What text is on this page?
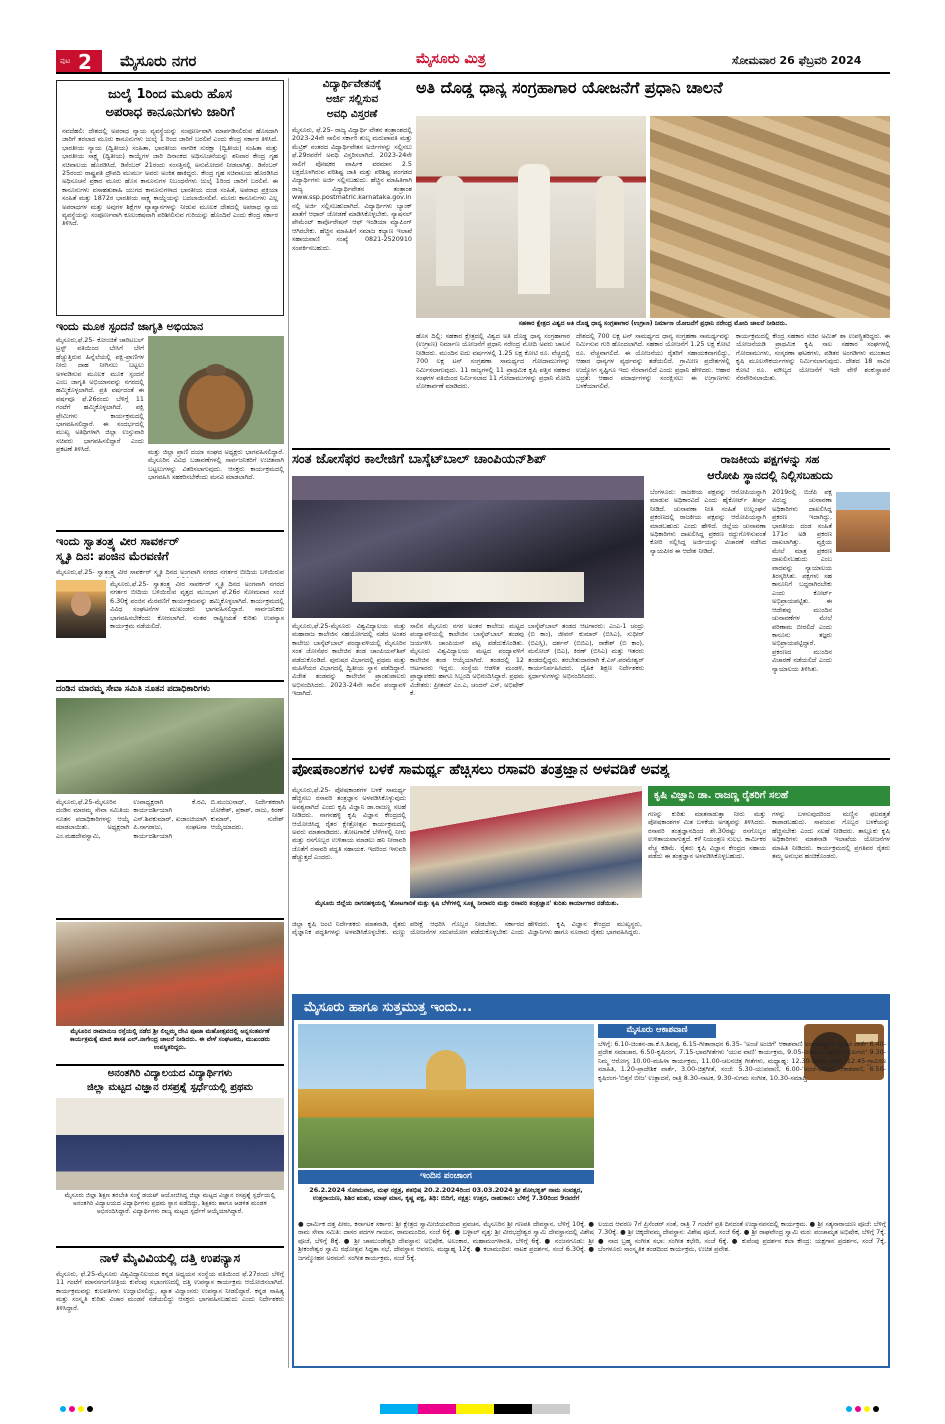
ಪುಟ 2 ಮೈಸೂರು ನಗರ	ಮೈಸೂರು ಮಿತ್ರ	ಸೋಮವಾರ 26 ಫೆಬ್ರವರಿ 2024
ಜುಲೈ 1ರಿಂದ ಮೂರು ಹೊಸ
ಅಪರಾಧ ಕಾನೂನುಗಳು ಜಾರಿಗೆ
ನವದೆಹಲಿ: ದೇಶದಲ್ಲಿ ಅಪರಾಧ ನ್ಯಾಯ ವ್ಯವಸ್ಥೆಯನ್ನು ಸಂಪೂರ್ಣವಾಗಿ ಮಾರ್ಪಡಿಸಲಿರುವ ಹೊಸದಾಗಿ ಜಾರಿಗೆ ತರಲಾದ ಮೂರು ಕಾನೂನುಗಳು ಜುಲೈ 1 ರಿಂದ ಜಾರಿಗೆ ಬರಲಿವೆ ಎಂದು ಕೇಂದ್ರ ಸರ್ಕಾರ ತಿಳಿಸಿದೆ. ಭಾರತೀಯ ನ್ಯಾಯ (ದ್ವಿತೀಯ) ಸಂಹಿತಾ, ಭಾರತೀಯ ನಾಗರಿಕ ಸುರಕ್ಷಾ (ದ್ವಿತೀಯ) ಸಂಹಿತಾ ಮತ್ತು ಭಾರತೀಯ ಸಾಕ್ಷ್ಯ (ದ್ವಿತೀಯ) ಕಾಯ್ದೆಗಳ ಜಾರಿ ದಿನಾಂಕದ ಅಧಿಸೂಚನೆಯನ್ನು ಶನಿವಾರ ಕೇಂದ್ರ ಗೃಹ ಸಚಿವಾಲಯ ಹೊರಡಿಸಿದೆ. ಡಿಸೆಂಬರ್ 21ರಂದು ಸಂಸತ್ತಿನಲ್ಲಿ ಅನುಮೋದನೆ ನೀಡಲಾಗಿತ್ತು. ಡಿಸೆಂಬರ್ 25ರಂದು ರಾಷ್ಟ್ರಪತಿ ದ್ರೌಪದಿ ಮುರ್ಮು ಅವರು ಅಂಕಿತ ಹಾಕಿದ್ದರು. ಕೇಂದ್ರ ಗೃಹ ಸಚಿವಾಲಯ ಹೊರಡಿಸಿದ ಅಧಿಸೂಚನೆ ಪ್ರಕಾರ ಮೂರು ಹೊಸ ಕಾನೂನುಗಳ ನಿಬಂಧನೆಗಳು ಜುಲೈ 1ರಿಂದ ಜಾರಿಗೆ ಬರಲಿವೆ. ಈ ಕಾನೂನುಗಳು ವಸಾಹತುಶಾಹಿ ಯುಗದ ಕಾನೂನುಗಳಾದ ಭಾರತೀಯ ದಂಡ ಸಂಹಿತೆ, ಅಪರಾಧ ಪ್ರಕ್ರಿಯಾ ಸಂಹಿತೆ ಮತ್ತು 1872ರ ಭಾರತೀಯ ಸಾಕ್ಷ್ಯ ಕಾಯ್ದೆಯನ್ನು ಬದಲಾಯಿಸಲಿವೆ. ಮೂರು ಕಾನೂನುಗಳು ಎಲ್ಲ ಅಪರಾಧಗಳ ಮತ್ತು ಅವುಗಳ ಶಿಕ್ಷೆಗಳ ವ್ಯಾಖ್ಯಾನಗಳನ್ನು ನೀಡುವ ಮೂಲಕ ದೇಶದಲ್ಲಿ ಅಪರಾಧ ನ್ಯಾಯ ವ್ಯವಸ್ಥೆಯನ್ನು ಸಂಪೂರ್ಣವಾಗಿ ಕೂಲಂಕಷವಾಗಿ ಪರಿಶೀಲಿಸುವ ಗುರಿಯನ್ನು ಹೊಂದಿವೆ ಎಂದು ಕೇಂದ್ರ ಸರ್ಕಾರ ತಿಳಿಸಿದೆ.
ಇಂದು ಮೂಕ ಸ್ಪಂದನೆ ಜಾಗೃತಿ ಅಭಿಯಾನ
ಮೈಸೂರು,ಫೆ.25- ಕೋಂಚಿತೆ ಚಾರಿಟಬಲ್ ಟ್ರಸ್ಟ್ ವತಿಯಿಂದ ಬೇಸಿಗೆ ಬೇಗೆ ಹೆಚ್ಚುತ್ತಿರುವ ಹಿನ್ನೆಲೆಯಲ್ಲಿ ಪಕ್ಷಿ-ಪ್ರಾಣಿಗಳ ನೀರು ದಾಹ ನೀಗಿಸಲು ಬಟ್ಟಲು ಅಳವಡಿಸುವ ಮೂಲಕ ಮೂಕ ಸ್ಪಂದನೆ ಎಂಬ ಜಾಗೃತಿ ಅಭಿಯಾನವನ್ನು ನಗರದಲ್ಲಿ ಹಮ್ಮಿಕೊಳ್ಳಲಾಗಿದೆ. ಪ್ರತಿ ವರ್ಷದಂತೆ ಈ ವರ್ಷವೂ ಫೆ.26ರಂದು ಬೆಳಿಗ್ಗೆ 11 ಗಂಟೆಗೆ ಹಮ್ಮಿಕೊಳ್ಳಲಾಗಿದೆ. ಪಕ್ಷಿ ಪ್ರೇಮಿಗಳು ಕಾರ್ಯಕ್ರಮದಲ್ಲಿ ಭಾಗವಹಿಸಲಿದ್ದಾರೆ. ಈ ಸಂದರ್ಭದಲ್ಲಿ ಮುಖ್ಯ ಅತಿಥಿಗಳಾಗಿ ಜಿಲ್ಲಾ ಉಸ್ತುವಾರಿ ಸಚಿವರು ಭಾಗವಹಿಸಲಿದ್ದಾರೆ ಎಂದು ಪ್ರಕಟಣೆ ತಿಳಿಸಿದೆ.	ಮತ್ತು ಜಿಲ್ಲಾ ಪ್ರಾಣಿ ದಯಾ ಸಂಘದ ಅಧ್ಯಕ್ಷರು ಭಾಗವಹಿಸಲಿದ್ದಾರೆ. ಮೈಸೂರಿನ ವಿವಿಧ ಬಡಾವಣೆಗಳಲ್ಲಿ ಸಾರ್ವಜನಿಕರಿಗೆ ಉಚಿತವಾಗಿ ಬಟ್ಟಲುಗಳನ್ನು ವಿತರಿಸಲಾಗುವುದು. ಆಸಕ್ತರು ಕಾರ್ಯಕ್ರಮದಲ್ಲಿ ಭಾಗವಹಿಸಿ ಸಹಕರಿಸಬೇಕೆಂದು ಮನವಿ ಮಾಡಲಾಗಿದೆ.
ಇಂದು ಸ್ವಾತಂತ್ರ್ಯ ವೀರ ಸಾವರ್ಕರ್
ಸ್ಮೃತಿ ದಿನ: ಪಂಜಿನ ಮೆರವಣಿಗೆ
ಮೈಸೂರು,ಫೆ.25- ಸ್ವಾತಂತ್ರ್ಯ ವೀರ ಸಾವರ್ಕರ್ ಸ್ಮೃತಿ ದಿನದ ಅಂಗವಾಗಿ ನಗರದ ನಗರ್ತರ ಬೀದಿಯ ಬಳಿಯಿರುವ
ಮೈಸೂರು,ಫೆ.25- ಸ್ವಾತಂತ್ರ್ಯ ವೀರ ಸಾವರ್ಕರ್ ಸ್ಮೃತಿ ದಿನದ ಅಂಗವಾಗಿ ನಗರದ ನಗರ್ತರ ಬೀದಿಯ ಬಳಿಯಿರುವ ವೃತ್ತದ ಮುಂಭಾಗ ಫೆ.26ರ ಸೋಮವಾರ ಸಂಜೆ 6.30ಕ್ಕೆ ಪಂಜಿನ ಮೆರವಣಿಗೆ ಕಾರ್ಯಕ್ರಮವನ್ನು ಹಮ್ಮಿಕೊಳ್ಳಲಾಗಿದೆ. ಕಾರ್ಯಕ್ರಮದಲ್ಲಿ ವಿವಿಧ ಸಂಘಟನೆಗಳ ಮುಖಂಡರು ಭಾಗವಹಿಸಲಿದ್ದಾರೆ. ಸಾರ್ವಜನಿಕರು ಭಾಗವಹಿಸಬೇಕೆಂದು ಕೋರಲಾಗಿದೆ. ನಂತರ ರಾಷ್ಟ್ರೀಯತೆ ಕುರಿತು ಉಪನ್ಯಾಸ ಕಾರ್ಯಕ್ರಮ ನಡೆಯಲಿದೆ.
ದಂಡಿನ ಮಾರಮ್ಮ ಸೇವಾ ಸಮಿತಿ ನೂತನ ಪದಾಧಿಕಾರಿಗಳು
ಮೈಸೂರು,ಫೆ.25-ಮೈಸೂರಿನ ದಂಡಿನ ಮಾರಮ್ಮ ಸೇವಾ ಸಮಿತಿಯ ನೂತನ ಪದಾಧಿಕಾರಿಗಳನ್ನು ಆಯ್ಕೆ ಮಾಡಲಾಯಿತು. ಅಧ್ಯಕ್ಷರಾಗಿ ಎಂ.ಮಹದೇವಸ್ವಾಮಿ, ಉಪಾಧ್ಯಕ್ಷರಾಗಿ ಕೆ.ರವಿ, ಕಾರ್ಯದರ್ಶಿಯಾಗಿ ಎಸ್.ಶಿವಕುಮಾರ್, ಖಜಾಂಚಿಯಾಗಿ ಪಿ.ನಾಗರಾಜು, ಸಂಘಟನಾ ಕಾರ್ಯದರ್ಶಿಯಾಗಿ ಬಿ.ಮಂಜುನಾಥ್, ನಿರ್ದೇಶಕರಾಗಿ ಲೋಕೇಶ್, ಪ್ರಕಾಶ್, ರಾಜು, ಕಿರಣ್ ಕುಮಾರ್, ಸುರೇಶ್ ಆಯ್ಕೆಯಾದರು.
ಮೈಸೂರಿನ ರಾಮಾನುಜ ರಸ್ತೆಯಲ್ಲಿ ನಡೆದ ಶ್ರೀ ಲಿಲ್ಲಮ್ಮ ದೇವಿ ಪೂಜಾ ಮಹೋತ್ಸವದಲ್ಲಿ ಅನ್ನಸಂತರ್ಪಣೆ ಕಾರ್ಯಕ್ರಮಕ್ಕೆ ಮಾಜಿ ಶಾಸಕ ಎಲ್.ನಾಗೇಂದ್ರ ಚಾಲನೆ ನೀಡಿದರು. ಈ ವೇಳೆ ಸಂಘಟಕರು, ಮುಖಂಡರು ಉಪಸ್ಥಿತರಿದ್ದರು.
ಅನಂತಗಿರಿ ವಿದ್ಯಾಲಯದ ವಿದ್ಯಾರ್ಥಿಗಳು
ಜಿಲ್ಲಾ ಮಟ್ಟದ ವಿಜ್ಞಾನ ರಸಪ್ರಶ್ನೆ ಸ್ಪರ್ಧೆಯಲ್ಲಿ ಪ್ರಥಮ
ಮೈಸೂರು ಜಿಲ್ಲಾ ಶಿಕ್ಷಣ ತರಬೇತಿ ಸಂಸ್ಥೆ ಡಯಟ್ ಆಯೋಜಿಸಿದ್ದ ಜಿಲ್ಲಾ ಮಟ್ಟದ ವಿಜ್ಞಾನ ರಸಪ್ರಶ್ನೆ ಸ್ಪರ್ಧೆಯಲ್ಲಿ ಅನಂತಗಿರಿ ವಿದ್ಯಾಲಯದ ವಿದ್ಯಾರ್ಥಿಗಳು ಪ್ರಥಮ ಸ್ಥಾನ ಪಡೆದಿದ್ದು, ಶಿಕ್ಷಕರು ಹಾಗೂ ಆಡಳಿತ ಮಂಡಳಿ ಅಭಿನಂದಿಸಿದ್ದಾರೆ. ವಿದ್ಯಾರ್ಥಿಗಳು ರಾಜ್ಯ ಮಟ್ಟದ ಸ್ಪರ್ಧೆಗೆ ಆಯ್ಕೆಯಾಗಿದ್ದಾರೆ.
ನಾಳೆ ಮೈವಿವಿಯಲ್ಲಿ ದತ್ತಿ ಉಪನ್ಯಾಸ
ಮೈಸೂರು, ಫೆ.25-ಮೈಸೂರು ವಿಶ್ವವಿದ್ಯಾನಿಲಯದ ಕನ್ನಡ ಅಧ್ಯಯನ ಸಂಸ್ಥೆಯ ವತಿಯಿಂದ ಫೆ.27ರಂದು ಬೆಳಿಗ್ಗೆ 11 ಗಂಟೆಗೆ ಮಾನಸಗಂಗೋತ್ರಿಯ ಕುವೆಂಪು ಸಭಾಂಗಣದಲ್ಲಿ ದತ್ತಿ ಉಪನ್ಯಾಸ ಕಾರ್ಯಕ್ರಮ ಆಯೋಜಿಸಲಾಗಿದೆ. ಕಾರ್ಯಕ್ರಮವನ್ನು ಕುಲಪತಿಗಳು ಉದ್ಘಾಟಿಸಲಿದ್ದು, ಖ್ಯಾತ ವಿದ್ವಾಂಸರು ಉಪನ್ಯಾಸ ನೀಡಲಿದ್ದಾರೆ. ಕನ್ನಡ ಸಾಹಿತ್ಯ ಮತ್ತು ಸಂಸ್ಕೃತಿ ಕುರಿತು ವಿಚಾರ ಮಂಡನೆ ನಡೆಯಲಿದ್ದು ಆಸಕ್ತರು ಭಾಗವಹಿಸಬಹುದು ಎಂದು ನಿರ್ದೇಶಕರು ತಿಳಿಸಿದ್ದಾರೆ.
ವಿದ್ಯಾರ್ಥಿವೇತನಕ್ಕೆ
ಅರ್ಜಿ ಸಲ್ಲಿಸುವ
ಅವಧಿ ವಿಸ್ತರಣೆ
ಮೈಸೂರು, ಫೆ.25- ರಾಜ್ಯ ವಿದ್ಯಾರ್ಥಿ ವೇತನ ತಂತ್ರಾಂಶದಲ್ಲಿ 2023-24ನೇ ಸಾಲಿನ ಸರ್ಕಾರಿ ಶುಲ್ಕ ಮರುಪಾವತಿ ಮತ್ತು ಮೆಟ್ರಿಕ್ ನಂತರದ ವಿದ್ಯಾರ್ಥಿವೇತನ ಅರ್ಜಿಗಳನ್ನು ಸಲ್ಲಿಸಲು ಫೆ.29ರವರೆಗೆ ಅವಧಿ ವಿಸ್ತರಿಸಲಾಗಿದೆ. 2023-24ನೇ ಸಾಲಿಗೆ ಪೋಷಕರ ವಾರ್ಷಿಕ ವರಮಾನ 2.5 ಲಕ್ಷದೊಳಗಿರುವ ಪರಿಶಿಷ್ಟ ಜಾತಿ ಮತ್ತು ಪರಿಶಿಷ್ಟ ಪಂಗಡದ ವಿದ್ಯಾರ್ಥಿಗಳು ಅರ್ಜಿ ಸಲ್ಲಿಸಬಹುದು. ಹೆಚ್ಚಿನ ಮಾಹಿತಿಗಾಗಿ ರಾಜ್ಯ ವಿದ್ಯಾರ್ಥಿವೇತನ ತಂತ್ರಾಂಶ www.ssp.postmatric.karnataka.gov.in ನಲ್ಲಿ ಅರ್ಜಿ ಸಲ್ಲಿಸಬಹುದಾಗಿದೆ. ವಿದ್ಯಾರ್ಥಿಗಳು ಬ್ಯಾಂಕ್ ಖಾತೆಗೆ ಆಧಾರ್ ಜೋಡಣೆ ಮಾಡಿಸಿಕೊಳ್ಳಬೇಕು. ನ್ಯಾಷನಲ್ ಪೇಮೆಂಟ್ ಕಾರ್ಪೊರೇಷನ್ ಆಫ್ ಇಂಡಿಯಾ ಮ್ಯಾಪಿಂಗ್ ಆಗಿರಬೇಕು. ಹೆಚ್ಚಿನ ಮಾಹಿತಿಗೆ ಸಮಾಜ ಕಲ್ಯಾಣ ಇಲಾಖೆ ಸಹಾಯವಾಣಿ ಸಂಖ್ಯೆ 0821-2520910 ಸಂಪರ್ಕಿಸಬಹುದು.
ಅತಿ ದೊಡ್ಡ ಧಾನ್ಯ ಸಂಗ್ರಹಾಗಾರ ಯೋಜನೆಗೆ ಪ್ರಧಾನಿ ಚಾಲನೆ
ಸಹಕಾರ ಕ್ಷೇತ್ರದ ವಿಶ್ವದ ಅತಿ ದೊಡ್ಡ ಧಾನ್ಯ ಸಂಗ್ರಹಾಗಾರ (ಉಗ್ರಾಣ) ನಿರ್ಮಾಣ ಯೋಜನೆಗೆ ಪ್ರಧಾನಿ ನರೇಂದ್ರ ಮೋದಿ ಚಾಲನೆ ನೀಡಿದರು.
ಹೊಸ ದಿಲ್ಲಿ: ಸಹಕಾರ ಕ್ಷೇತ್ರದಲ್ಲಿ ವಿಶ್ವದ ಅತಿ ದೊಡ್ಡ ಧಾನ್ಯ ಸಂಗ್ರಹಾಗಾರ (ಉಗ್ರಾಣ) ನಿರ್ಮಾಣ ಯೋಜನೆಗೆ ಪ್ರಧಾನಿ ನರೇಂದ್ರ ಮೋದಿ ಅವರು ಚಾಲನೆ ನೀಡಿದರು. ಮುಂದಿನ ಐದು ವರ್ಷಗಳಲ್ಲಿ 1.25 ಲಕ್ಷ ಕೋಟಿ ರೂ. ವೆಚ್ಚದಲ್ಲಿ 700 ಲಕ್ಷ ಟನ್ ಸಂಗ್ರಹಣಾ ಸಾಮರ್ಥ್ಯದ ಗೋದಾಮುಗಳನ್ನು ನಿರ್ಮಿಸಲಾಗುವುದು. 11 ರಾಜ್ಯಗಳಲ್ಲಿ 11 ಪ್ರಾಥಮಿಕ ಕೃಷಿ ಪತ್ತಿನ ಸಹಕಾರ ಸಂಘಗಳ ವತಿಯಿಂದ ನಿರ್ಮಿಸಲಾದ 11 ಗೋದಾಮುಗಳನ್ನು ಪ್ರಧಾನಿ ಮೋದಿ ಲೋಕಾರ್ಪಣೆ ಮಾಡಿದರು.
ದೇಶದಲ್ಲಿ 700 ಲಕ್ಷ ಟನ್ ಸಾಮರ್ಥ್ಯದ ಧಾನ್ಯ ಸಂಗ್ರಹಣಾ ಸಾಮರ್ಥ್ಯವನ್ನು ನಿರ್ಮಿಸುವ ಗುರಿ ಹೊಂದಲಾಗಿದೆ. ಸಹಕಾರ ಯೋಜನೆಗೆ 1.25 ಲಕ್ಷ ಕೋಟಿ ರೂ. ವೆಚ್ಚವಾಗಲಿದೆ. ಈ ಯೋಜನೆಯು ರೈತರಿಗೆ ಸಹಾಯಕವಾಗಲಿದ್ದು, ಆಹಾರ ಧಾನ್ಯಗಳ ವ್ಯರ್ಥವನ್ನು ತಡೆಯಲಿದೆ. ಗ್ರಾಮೀಣ ಪ್ರದೇಶಗಳಲ್ಲಿ ಉದ್ಯೋಗ ಸೃಷ್ಟಿಗೂ ಇದು ನೆರವಾಗಲಿದೆ ಎಂದು ಪ್ರಧಾನಿ ಹೇಳಿದರು. ಆಹಾರ ಭದ್ರತೆ: ಆಹಾರ ಪದಾರ್ಥಗಳನ್ನು ಸಂರಕ್ಷಿಸಲು ಈ ಉಗ್ರಾಣಗಳು ಬಳಕೆಯಾಗಲಿವೆ.
ಕಾರ್ಯಕ್ರಮದಲ್ಲಿ ಕೇಂದ್ರ ಸಹಕಾರ ಸಚಿವ ಅಮಿತ್ ಶಾ ಉಪಸ್ಥಿತರಿದ್ದರು. ಈ ಯೋಜನೆಯಡಿ ಪ್ರಾಥಮಿಕ ಕೃಷಿ ಸಾಲ ಸಹಕಾರ ಸಂಘಗಳಲ್ಲಿ ಗೋದಾಮುಗಳು, ಸಂಸ್ಕರಣಾ ಘಟಕಗಳು, ಪಡಿತರ ಅಂಗಡಿಗಳು ಮುಂತಾದ ಕೃಷಿ ಮೂಲಸೌಕರ್ಯಗಳನ್ನು ನಿರ್ಮಿಸಲಾಗುವುದು. ದೇಶದ 18 ಸಾವಿರ ಕೋಟಿ ರೂ. ಮೌಲ್ಯದ ಯೋಜನೆಗೆ ಇದೇ ವೇಳೆ ಶಂಕುಸ್ಥಾಪನೆ ನೆರವೇರಿಸಲಾಯಿತು.
ಸಂತ ಜೋಸೆಫರ ಕಾಲೇಜಿಗೆ ಬಾಸ್ಕೆಟ್‌ಬಾಲ್ ಚಾಂಪಿಯನ್‌ಶಿಪ್
ಮೈಸೂರು,ಫೆ.25-ಮೈಸೂರು ವಿಶ್ವವಿದ್ಯಾಲಯ ಮತ್ತು ಮಹಾರಾಜ ಕಾಲೇಜಿನ ಸಹಯೋಗದಲ್ಲಿ ನಡೆದ ಅಂತರ ಕಾಲೇಜು ಬಾಸ್ಕೆಟ್‌ಬಾಲ್ ಪಂದ್ಯಾವಳಿಯಲ್ಲಿ ಮೈಸೂರಿನ ಸಂತ ಜೋಸೆಫರ ಕಾಲೇಜಿನ ತಂಡ ಚಾಂಪಿಯನ್‌ಶಿಪ್ ಪಡೆದುಕೊಂಡಿದೆ. ಪುರುಷರ ವಿಭಾಗದಲ್ಲಿ ಪ್ರಥಮ ಮತ್ತು ಮಹಿಳೆಯರ ವಿಭಾಗದಲ್ಲಿ ದ್ವಿತೀಯ ಸ್ಥಾನ ಪಡೆದಿದ್ದಾರೆ. ವಿಜೇತ ತಂಡವನ್ನು ಕಾಲೇಜಿನ ಪ್ರಾಂಶುಪಾಲರು ಅಭಿನಂದಿಸಿದರು. 2023-24ನೇ ಸಾಲಿನ ಪಂದ್ಯಾವಳಿ ಇದಾಗಿದೆ.
ಸಾಲಿನ ಮೈಸೂರು ನಗರ ಅಂತರ ಕಾಲೇಜು ಮಟ್ಟದ ಪಂದ್ಯಾವಳಿಯಲ್ಲಿ ಕಾಲೇಜಿನ ಬಾಸ್ಕೆಟ್‌ಬಾಲ್ ತಂಡವು ಜಯಗಳಿಸಿ ಚಾಂಪಿಯನ್ ಪಟ್ಟ ಪಡೆದುಕೊಂಡಿತು. ಮೈಸೂರು ವಿಶ್ವವಿದ್ಯಾಲಯ ಮಟ್ಟದ ಪಂದ್ಯಾವಳಿಗೆ ಕಾಲೇಜಿನ ತಂಡ ಆಯ್ಕೆಯಾಗಿದೆ. ತಂಡದಲ್ಲಿ 12 ಆಟಗಾರರು ಇದ್ದರು. ಸಂಸ್ಥೆಯ ಆಡಳಿತ ಮಂಡಳಿ, ಪ್ರಾಧ್ಯಾಪಕರು ಹಾಗೂ ಸಿಬ್ಬಂದಿ ಅಭಿನಂದಿಸಿದ್ದಾರೆ. ಪ್ರಥಮ ವಿಜೇತರು: ಪ್ರೀತಮ್ ಎಂ.ಎ, ಚಂದನ್ ಎಸ್, ಅಭಿಷೇಕ್ ಕೆ.
ಬಾಸ್ಕೆಟ್‌ಬಾಲ್ ತಂಡದ ಆಟಗಾರರು: ಎಂಎ-1 ಚಂದ್ರು (ಬಿ ಕಾಂ), ಜೀವನ್ ಕುಮಾರ್ (ಬಿಸಿಎ), ಸುಧೀರ್ (ಬಿಎಸ್ಸಿ), ದರ್ಶನ್ (ಬಿಬಿಎ), ರಾಕೇಶ್ (ಬಿ ಕಾಂ), ಮನೋಜ್ (ಬಿಎ), ಕಿರಣ್ (ಬಿಸಿಎ) ಮತ್ತು ಇತರರು ತಂಡದಲ್ಲಿದ್ದರು. ತರಬೇತುದಾರರಾಗಿ ಕೆ.ಎಸ್.ಪರಮೇಶ್ವರ್ ಕಾರ್ಯನಿರ್ವಹಿಸಿದರು. ದೈಹಿಕ ಶಿಕ್ಷಣ ನಿರ್ದೇಶಕರು ಸ್ಪರ್ಧಾಳುಗಳನ್ನು ಅಭಿನಂದಿಸಿದರು.
ರಾಜಕೀಯ ಪಕ್ಷಗಳನ್ನು ಸಹ
ಆರೋಪಿ ಸ್ಥಾನದಲ್ಲಿ ನಿಲ್ಲಿಸಬಹುದು
ಬೆಂಗಳೂರು: ರಾಜಕೀಯ ಪಕ್ಷವನ್ನು ಆರೋಪಿಯನ್ನಾಗಿ ಮಾಡುವ ಅಧಿಕಾರವಿದೆ ಎಂದು ಹೈಕೋರ್ಟ್ ತೀರ್ಪು ನೀಡಿದೆ. ಚುನಾವಣಾ ನೀತಿ ಸಂಹಿತೆ ಉಲ್ಲಂಘನೆ ಪ್ರಕರಣದಲ್ಲಿ ರಾಜಕೀಯ ಪಕ್ಷವನ್ನು ಆರೋಪಿಯನ್ನಾಗಿ ಮಾಡಬಹುದು ಎಂದು ಹೇಳಿದೆ. ಜಿಲ್ಲೆಯ ಚುನಾವಣಾ ಅಧಿಕಾರಿಗಳು ದಾಖಲಿಸಿದ್ದ ಪ್ರಕರಣ ರದ್ದುಗೊಳಿಸುವಂತೆ ಕೋರಿ ಸಲ್ಲಿಸಿದ್ದ ಅರ್ಜಿಯನ್ನು ವಿಚಾರಣೆ ನಡೆಸಿದ ನ್ಯಾಯಪೀಠ ಈ ಆದೇಶ ನೀಡಿದೆ.
2019ರಲ್ಲಿ ಬಿಜೆಪಿ ಪಕ್ಷ ವಿರುದ್ಧ ಚುನಾವಣಾ ಅಧಿಕಾರಿಗಳು ದಾಖಲಿಸಿದ್ದ ಪ್ರಕರಣ ಇದಾಗಿದ್ದು, ಭಾರತೀಯ ದಂಡ ಸಂಹಿತೆ 171ರ ಅಡಿ ಪ್ರಕರಣ ದಾಖಲಾಗಿತ್ತು. ವ್ಯಕ್ತಿಯ ಮೇಲೆ ಮಾತ್ರ ಪ್ರಕರಣ ದಾಖಲಿಸಬಹುದು ಎಂಬ ವಾದವನ್ನು ನ್ಯಾಯಾಲಯ ತಿರಸ್ಕರಿಸಿತು. ಪಕ್ಷಗಳು ಸಹ ಕಾನೂನಿಗೆ ಬದ್ಧರಾಗಿರಬೇಕು ಎಂದು ಕೋರ್ಟ್ ಅಭಿಪ್ರಾಯಪಟ್ಟಿತು. ಈ ಆದೇಶವು ಮುಂದಿನ ಚುನಾವಣೆಗಳ ಮೇಲೆ ಪರಿಣಾಮ ಬೀರಲಿದೆ ಎಂದು ಕಾನೂನು ತಜ್ಞರು ಅಭಿಪ್ರಾಯಪಟ್ಟಿದ್ದಾರೆ. ಪ್ರಕರಣದ ಮುಂದಿನ ವಿಚಾರಣೆ ನಡೆಯಲಿದೆ ಎಂದು ನ್ಯಾಯಾಲಯ ತಿಳಿಸಿತು.
ಪೋಷಕಾಂಶಗಳ ಬಳಕೆ ಸಾಮರ್ಥ್ಯ ಹೆಚ್ಚಿಸಲು ರಸಾವರಿ ತಂತ್ರಜ್ಞಾನ ಅಳವಡಿಕೆ ಅವಶ್ಯ
ಮೈಸೂರು,ಫೆ.25- ಪೋಷಕಾಂಶಗಳ ಬಳಕೆ ಸಾಮರ್ಥ್ಯ ಹೆಚ್ಚಿಸಲು ರಸಾವರಿ ತಂತ್ರಜ್ಞಾನ ಅಳವಡಿಸಿಕೊಳ್ಳುವುದು ಅವಶ್ಯವಾಗಿದೆ ಎಂದು ಕೃಷಿ ವಿಜ್ಞಾನಿ ಡಾ.ರಾಜಣ್ಣ ಸಲಹೆ ನೀಡಿದರು. ನಾಗನಹಳ್ಳಿ ಕೃಷಿ ವಿಜ್ಞಾನ ಕೇಂದ್ರದಲ್ಲಿ ಆಯೋಜಿಸಿದ್ದ ರೈತರ ಕ್ಷೇತ್ರೋತ್ಸವ ಕಾರ್ಯಕ್ರಮದಲ್ಲಿ ಅವರು ಮಾತನಾಡಿದರು. ತೋಟಗಾರಿಕೆ ಬೆಳೆಗಳಲ್ಲಿ ನೀರು ಮತ್ತು ರಸಗೊಬ್ಬರ ಉಳಿತಾಯ ಮಾಡಲು ಹನಿ ನೀರಾವರಿ ಜೊತೆಗೆ ರಸಾವರಿ ಪದ್ಧತಿ ಸಹಾಯಕ. ಇದರಿಂದ ಇಳುವರಿ ಹೆಚ್ಚುತ್ತದೆ ಎಂದರು.
ಮೈಸೂರು ಜಿಲ್ಲೆಯ ನಾಗನಹಳ್ಳಿಯಲ್ಲಿ 'ತೋಟಗಾರಿಕೆ ಮತ್ತು ಕೃಷಿ ಬೆಳೆಗಳಲ್ಲಿ ಸೂಕ್ಷ್ಮ ನೀರಾವರಿ ಮತ್ತು ರಸಾವರಿ ತಂತ್ರಜ್ಞಾನ' ಕುರಿತು ಕಾರ್ಯಾಗಾರ ನಡೆಯಿತು.
ಜಿಲ್ಲಾ ಕೃಷಿ ಜಂಟಿ ನಿರ್ದೇಶಕರು ಮಾತನಾಡಿ, ರೈತರು ವೈಜ್ಞಾನಿಕ ಪದ್ಧತಿಗಳನ್ನು ಅಳವಡಿಸಿಕೊಳ್ಳಬೇಕು. ಮಣ್ಣು ಪರೀಕ್ಷೆ ಆಧರಿಸಿ ಗೊಬ್ಬರ ನೀಡಬೇಕು. ಸರ್ಕಾರದ ಯೋಜನೆಗಳ ಸದುಪಯೋಗ ಪಡೆದುಕೊಳ್ಳಬೇಕು ಎಂದು ಹೇಳಿದರು. ಕೃಷಿ ವಿಜ್ಞಾನ ಕೇಂದ್ರದ ಮುಖ್ಯಸ್ಥರು, ವಿಜ್ಞಾನಿಗಳು ಹಾಗೂ ನೂರಾರು ರೈತರು ಭಾಗವಹಿಸಿದ್ದರು.
ಕೃಷಿ ವಿಜ್ಞಾನಿ ಡಾ. ರಾಜಣ್ಣ ರೈತರಿಗೆ ಸಲಹೆ
ಗಣನ್ನು ಕುರಿತು ಮಾತನಾಡುತ್ತಾ ನೀರು ಮತ್ತು ಪೋಷಕಾಂಶಗಳ ಮಿತ ಬಳಕೆಯ ಅಗತ್ಯವನ್ನು ತಿಳಿಸಿದರು. ರಸಾವರಿ ತಂತ್ರಜ್ಞಾನದಿಂದ ಶೇ.30ರಷ್ಟು ರಸಗೊಬ್ಬರ ಉಳಿತಾಯವಾಗುತ್ತದೆ. ಕಳೆ ನಿಯಂತ್ರಣ ಸುಲಭ. ಕಾರ್ಮಿಕರ ವೆಚ್ಚ ಕಡಿಮೆ. ರೈತರು ಕೃಷಿ ವಿಜ್ಞಾನ ಕೇಂದ್ರದ ಸಹಾಯ ಪಡೆದು ಈ ತಂತ್ರಜ್ಞಾನ ಅಳವಡಿಸಿಕೊಳ್ಳಬಹುದು.
ಗಳನ್ನು ಬಳಸುವುದರಿಂದ ಮಣ್ಣಿನ ಫಲವತ್ತತೆ ಕಾಪಾಡಬಹುದು. ಸಾವಯವ ಗೊಬ್ಬರ ಬಳಕೆಯನ್ನು ಹೆಚ್ಚಿಸಬೇಕು ಎಂದು ಸಲಹೆ ನೀಡಿದರು. ತಾಲ್ಲೂಕು ಕೃಷಿ ಅಧಿಕಾರಿಗಳು ಮಾತನಾಡಿ ಇಲಾಖೆಯ ಯೋಜನೆಗಳ ಮಾಹಿತಿ ನೀಡಿದರು. ಕಾರ್ಯಕ್ರಮದಲ್ಲಿ ಪ್ರಗತಿಪರ ರೈತರು ತಮ್ಮ ಅನುಭವ ಹಂಚಿಕೊಂಡರು.
ಮೈಸೂರು ಹಾಗೂ ಸುತ್ತಮುತ್ತ ಇಂದು...
ಇಂದಿನ ಪಂಚಾಂಗ
26.2.2024 ಸೋಮವಾರ, ಮಘ ನಕ್ಷತ್ರ, ಶತಭಿಷ 20.2.2024ರಿಂದ 03.03.2024 ಶ್ರೀ ಶೋಭಕೃತ್ ನಾಮ ಸಂವತ್ಸರ, ಉತ್ತರಾಯಣ, ಶಿಶಿರ ಋತು, ಮಾಘ ಮಾಸ, ಕೃಷ್ಣ ಪಕ್ಷ, ತಿಥಿ: ಬಿದಿಗೆ, ನಕ್ಷತ್ರ: ಉತ್ತರ, ರಾಹುಕಾಲ: ಬೆಳಿಗ್ಗೆ 7.30ರಿಂದ 9ರವರೆಗೆ
ಮೈಸೂರು ಆಕಾಶವಾಣಿ
ಬೆಳಿಗ್ಗೆ: 6.10-ಚಿಂತನ-ಡಾ.ಕೆ.ಸಿ.ಶಿವಪ್ಪ, 6.15-ಗೀತಾರಾಧನ 6.35- 'ಅಂಚೆ ಅಂಚಿಗೆ' ಆಕಾಶವಾಣಿ ಅಂತಾರಾಷ್ಟ್ರೀಯ ಪ್ರಸಾರ ವಾರ್ತೆ 6.40-ಪ್ರದೇಶ ಸಮಾಚಾರ, 6.50-ಕೃಷಿರಂಗ, 7.15-ಭಾವಗೀತೆಗಳು 'ಯುವ ವಾಣಿ' ಕಾರ್ಯಕ್ರಮ, 9.05-ನೀತಿಕಾಮ-'ಹಲವು ಮುಖಗಳು' 9.30-ನಿಮ್ಮ ಆರೋಗ್ಯ 10.00-ಮಹಿಳಾ ಕಾರ್ಯಕ್ರಮ, 11.00-ಚಲನಚಿತ್ರ ಗೀತೆಗಳು, ಮಧ್ಯಾಹ್ನ: 12.30-ದೇಶದ ವಾರ್ತೆ, 12.45-ಗ್ರಾಮೀಣ ಮಾಹಿತಿ, 1.20-ಪ್ರಾದೇಶಿಕ ವಾರ್ತೆ, 3.00-ಚಿತ್ರಗೀತೆ, ಸಂಜೆ: 5.30-ಯುವವಾಣಿ, 6.00-'ಅಂಚೆ-ಅಂಚಿಗೆ' ಆಕಾಶವಾಣಿ, 6.50-ಕೃಷಿರಂಗ-'ಬಿತ್ತನೆ ಬೀಜ' ಉತ್ಪಾದನೆ, ರಾತ್ರಿ 8.30-ನಾಟಕ, 9.30-ಸುಗಮ ಸಂಗೀತ, 10.30-ಸಮಾಪ್ತಿ
● ಧಾರ್ಮಿಕ ದತ್ತ ಪೀಠಂ, ಕರ್ನಾಟಕ ಸರ್ಕಾರ: ಶ್ರೀ ಕ್ಷೇತ್ರದ ಸ್ವಾಮೀಜಿಯವರಿಂದ ಪ್ರವಚನ, ಮೈಸೂರಿನ ಶ್ರೀ ಗಣಪತಿ ದೇವಸ್ಥಾನ, ಬೆಳಿಗ್ಗೆ 10ಕ್ಕೆ. ● ರಾಮ ಸೇವಾ ಸಮಿತಿ: ದಾಸರ ಪದಗಳ ಗಾಯನ, ರಾಮಮಂದಿರ, ಸಂಜೆ 6ಕ್ಕೆ. ● ಬಳ್ಳಾಲ್ ವೃತ್ತ: ಶ್ರೀ ವೀರಭದ್ರೇಶ್ವರ ಸ್ವಾಮಿ ದೇವಸ್ಥಾನದಲ್ಲಿ ವಿಶೇಷ ಪೂಜೆ, ಬೆಳಿಗ್ಗೆ 8ಕ್ಕೆ. ● ಶ್ರೀ ಚಾಮುಂಡೇಶ್ವರಿ ದೇವಸ್ಥಾನ: ಅಭಿಷೇಕ, ಅಲಂಕಾರ, ಮಹಾಮಂಗಳಾರತಿ, ಬೆಳಿಗ್ಗೆ 6ಕ್ಕೆ. ● ನಂಜನಗೂಡು: ಶ್ರೀ ಶ್ರೀಕಂಠೇಶ್ವರ ಸ್ವಾಮಿ ರಥೋತ್ಸವ ಸಿದ್ಧತಾ ಸಭೆ, ದೇವಸ್ಥಾನ ಆವರಣ, ಮಧ್ಯಾಹ್ನ 12ಕ್ಕೆ. ● ಕಲಾಮಂದಿರ: ನಾಟಕ ಪ್ರದರ್ಶನ, ಸಂಜೆ 6.30ಕ್ಕೆ. ● ಜಗನ್ಮೋಹನ ಅರಮನೆ: ಸಂಗೀತ ಕಾರ್ಯಕ್ರಮ, ಸಂಜೆ 5ಕ್ಕೆ.
ಲಯದ ಆವರಣ 7ಗೆ ಪ್ರಿಸೆಂಡರ್ ಸಂತೆ, ರಾತ್ರಿ 7 ಗಂಟೆಗೆ ಪ್ರತಿ ದಿನದಂತೆ ಉದ್ಯಾನವನದಲ್ಲಿ ಕಾರ್ಯಕ್ರಮ. ● ಶ್ರೀ ಸತ್ಯನಾರಾಯಣ ಪೂಜೆ: ಬೆಳಿಗ್ಗೆ 7.30ಕ್ಕೆ. ● ಶ್ರೀ ಚಿಕ್ಕದೇವಮ್ಮ ದೇವಸ್ಥಾನ: ವಿಶೇಷ ಪೂಜೆ, ಸಂಜೆ 6ಕ್ಕೆ. ● ಶ್ರೀ ರಾಘವೇಂದ್ರ ಸ್ವಾಮಿ ಮಠ: ಪಂಚಾಮೃತ ಅಭಿಷೇಕ, ಬೆಳಿಗ್ಗೆ 7ಕ್ಕೆ. ● ನಾದ ಬ್ರಹ್ಮ ಸಂಗೀತ ಸಭಾ: ಸಂಗೀತ ಕಛೇರಿ, ಸಂಜೆ 6ಕ್ಕೆ. ● ಕುವೆಂಪು ಪ್ರದರ್ಶನ ಕಲಾ ಕೇಂದ್ರ: ಯಕ್ಷಗಾನ ಪ್ರದರ್ಶನ, ಸಂಜೆ 7ಕ್ಕೆ, ಬೆಂಗಳೂರು ಸಾಂಸ್ಕೃತಿಕ ತಂಡದಿಂದ ಕಾರ್ಯಕ್ರಮ, ಉಚಿತ ಪ್ರವೇಶ.
